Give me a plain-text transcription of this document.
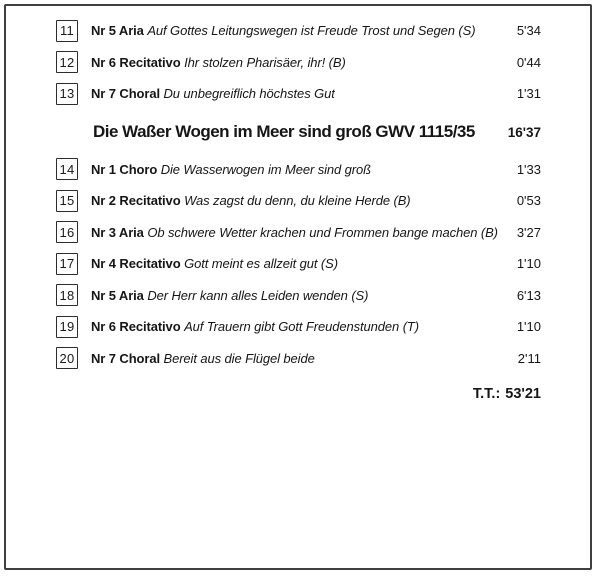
11 Nr 5 Aria Auf Gottes Leitungswegen ist Freude Trost und Segen (S)	5'34
12 Nr 6 Recitativo Ihr stolzen Pharisäer, ihr! (B)	0'44
13 Nr 7 Choral Du unbegreiflich höchstes Gut	1'31
Die Waßer Wogen im Meer sind groß GWV 1115/35	16'37
14 Nr 1 Choro Die Wasserwogen im Meer sind groß	1'33
15 Nr 2 Recitativo Was zagst du denn, du kleine Herde (B)	0'53
16 Nr 3 Aria Ob schwere Wetter krachen und Frommen bange machen (B)	3'27
17 Nr 4 Recitativo Gott meint es allzeit gut (S)	1'10
18 Nr 5 Aria Der Herr kann alles Leiden wenden (S)	6'13
19 Nr 6 Recitativo Auf Trauern gibt Gott Freudenstunden (T)	1'10
20 Nr 7 Choral Bereit aus die Flügel beide	2'11
T.T.: 53'21
